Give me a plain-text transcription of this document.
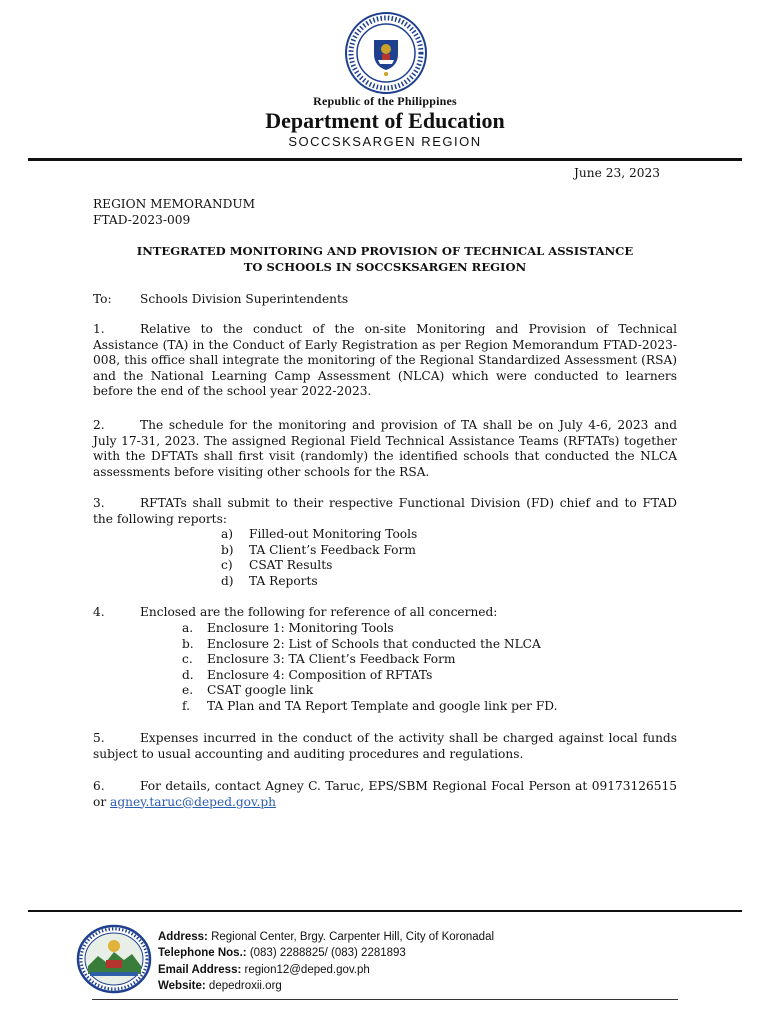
Republic of the Philippines
Department of Education
SOCCSKSARGEN REGION
June 23, 2023
REGION MEMORANDUM
FTAD-2023-009
INTEGRATED MONITORING AND PROVISION OF TECHNICAL ASSISTANCE
TO SCHOOLS IN SOCCSKSARGEN REGION
To: Schools Division Superintendents
1.	Relative to the conduct of the on-site Monitoring and Provision of Technical Assistance (TA) in the Conduct of Early Registration as per Region Memorandum FTAD-2023-008, this office shall integrate the monitoring of the Regional Standardized Assessment (RSA) and the National Learning Camp Assessment (NLCA) which were conducted to learners before the end of the school year 2022-2023.
2.	The schedule for the monitoring and provision of TA shall be on July 4-6, 2023 and July 17-31, 2023. The assigned Regional Field Technical Assistance Teams (RFTATs) together with the DFTATs shall first visit (randomly) the identified schools that conducted the NLCA assessments before visiting other schools for the RSA.
3.	RFTATs shall submit to their respective Functional Division (FD) chief and to FTAD the following reports:
a) Filled-out Monitoring Tools
b) TA Client’s Feedback Form
c) CSAT Results
d) TA Reports
4.	Enclosed are the following for reference of all concerned:
a. Enclosure 1: Monitoring Tools
b. Enclosure 2: List of Schools that conducted the NLCA
c. Enclosure 3: TA Client’s Feedback Form
d. Enclosure 4: Composition of RFTATs
e. CSAT google link
f. TA Plan and TA Report Template and google link per FD.
5.	Expenses incurred in the conduct of the activity shall be charged against local funds subject to usual accounting and auditing procedures and regulations.
6.	For details, contact Agney C. Taruc, EPS/SBM Regional Focal Person at 09173126515 or agney.taruc@deped.gov.ph
Address: Regional Center, Brgy. Carpenter Hill, City of Koronadal
Telephone Nos.: (083) 2288825/ (083) 2281893
Email Address: region12@deped.gov.ph
Website: depedroxii.org
